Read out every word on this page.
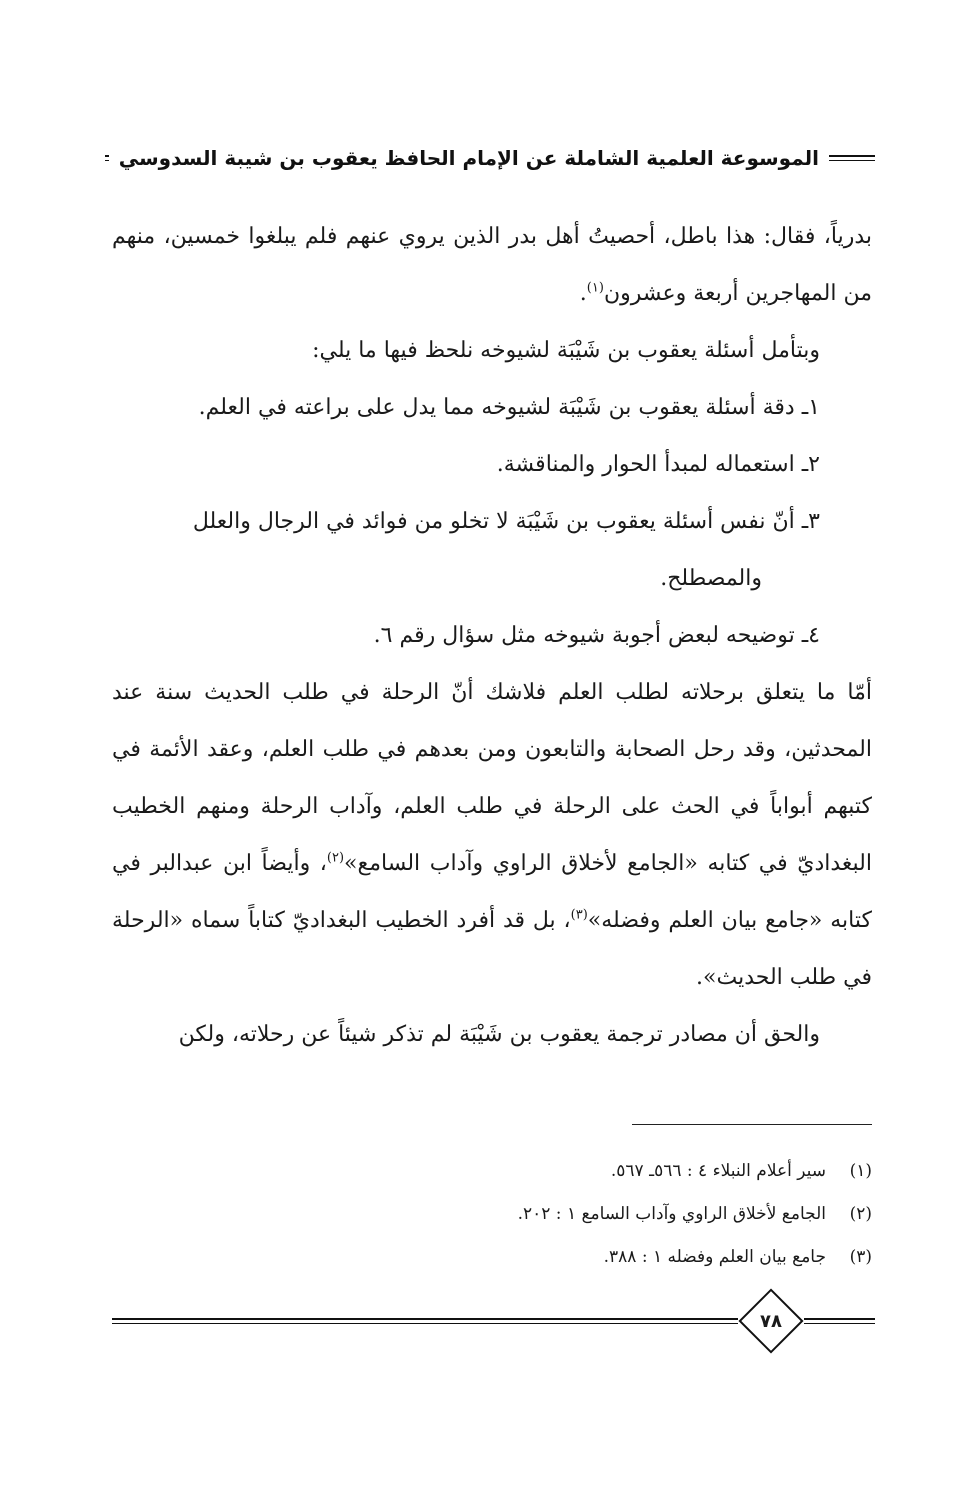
الموسوعة العلمية الشاملة عن الإمام الحافظ يعقوب بن شيبة السدوسي

بدرياً، فقال: هذا باطل، أحصيتُ أهل بدر الذين يروي عنهم فلم يبلغوا خمسين، منهم من المهاجرين أربعة وعشرون$^{(١)}$.

وبتأمل أسئلة يعقوب بن شَيْبَة لشيوخه نلحظ فيها ما يلي:

١ـ دقة أسئلة يعقوب بن شَيْبَة لشيوخه مما يدل على براعته في العلم.

٢ـ استعماله لمبدأ الحوار والمناقشة.

٣ـ أنّ نفس أسئلة يعقوب بن شَيْبَة لا تخلو من فوائد في الرجال والعلل

والمصطلح.

٤ـ توضيحه لبعض أجوبة شيوخه مثل سؤال رقم ٦.

أمّا ما يتعلق برحلاته لطلب العلم فلاشك أنّ الرحلة في طلب الحديث سنة عند المحدثين، وقد رحل الصحابة والتابعون ومن بعدهم في طلب العلم، وعقد الأئمة في كتبهم أبواباً في الحث على الرحلة في طلب العلم، وآداب الرحلة ومنهم الخطيب البغداديّ في كتابه «الجامع لأخلاق الراوي وآداب السامع»$^{(٢)}$، وأيضاً ابن عبدالبر في كتابه «جامع بيان العلم وفضله»$^{(٣)}$، بل قد أفرد الخطيب البغداديّ كتاباً سماه «الرحلة في طلب الحديث».

والحق أن مصادر ترجمة يعقوب بن شَيْبَة لم تذكر شيئاً عن رحلاته، ولكن

(١)
سير أعلام النبلاء ٤ : ٥٦٦ـ ٥٦٧.
(٢)
الجامع لأخلاق الراوي وآداب السامع ١ : ٢٠٢.
(٣)
جامع بيان العلم وفضله ١ : ٣٨٨.
٧٨
